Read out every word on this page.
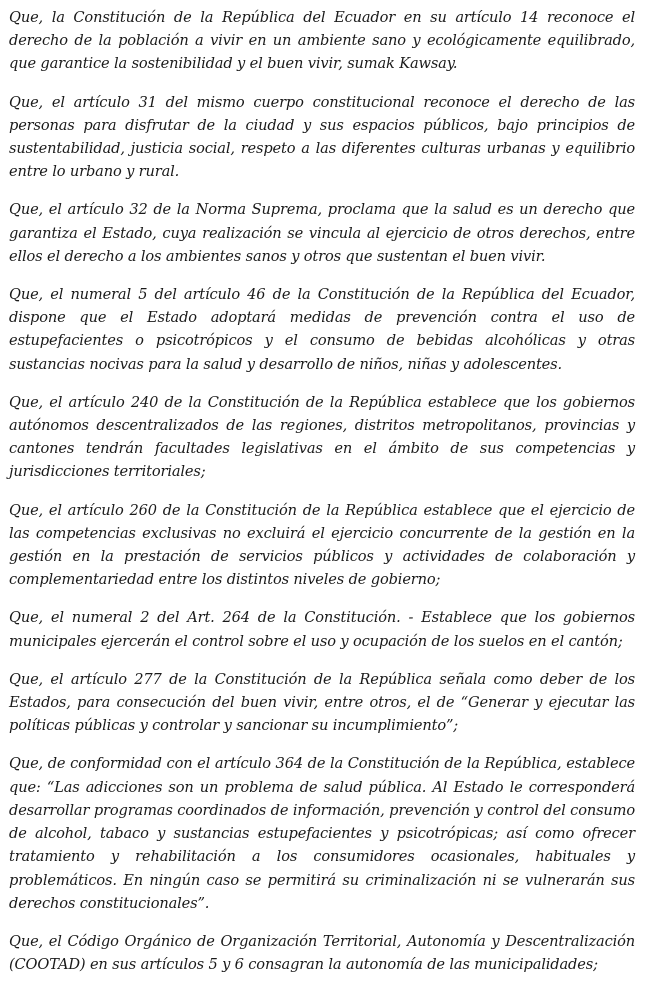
Que, la Constitución de la República del Ecuador en su artículo 14 reconoce el derecho de la población a vivir en un ambiente sano y ecológicamente equilibrado, que garantice la sostenibilidad y el buen vivir, sumak Kawsay.

Que, el artículo 31 del mismo cuerpo constitucional reconoce el derecho de las personas para disfrutar de la ciudad y sus espacios públicos, bajo principios de sustentabilidad, justicia social, respeto a las diferentes culturas urbanas y equilibrio entre lo urbano y rural.

Que, el artículo 32 de la Norma Suprema, proclama que la salud es un derecho que garantiza el Estado, cuya realización se vincula al ejercicio de otros derechos, entre ellos el derecho a los ambientes sanos y otros que sustentan el buen vivir.

Que, el numeral 5 del artículo 46 de la Constitución de la República del Ecuador, dispone que el Estado adoptará medidas de prevención contra el uso de estupefacientes o psicotrópicos y el consumo de bebidas alcohólicas y otras sustancias nocivas para la salud y desarrollo de niños, niñas y adolescentes.

Que, el artículo 240 de la Constitución de la República establece que los gobiernos autónomos descentralizados de las regiones, distritos metropolitanos, provincias y cantones tendrán facultades legislativas en el ámbito de sus competencias y jurisdicciones territoriales;

Que, el artículo 260 de la Constitución de la República establece que el ejercicio de las competencias exclusivas no excluirá el ejercicio concurrente de la gestión en la gestión en la prestación de servicios públicos y actividades de colaboración y complementariedad entre los distintos niveles de gobierno;

Que, el numeral 2 del Art. 264 de la Constitución. - Establece que los gobiernos municipales ejercerán el control sobre el uso y ocupación de los suelos en el cantón;

Que, el artículo 277 de la Constitución de la República señala como deber de los Estados, para consecución del buen vivir, entre otros, el de “Generar y ejecutar las políticas públicas y controlar y sancionar su incumplimiento”;

Que, de conformidad con el artículo 364 de la Constitución de la República, establece que: “Las adicciones son un problema de salud pública. Al Estado le corresponderá desarrollar programas coordinados de información, prevención y control del consumo de alcohol, tabaco y sustancias estupefacientes y psicotrópicas; así como ofrecer tratamiento y rehabilitación a los consumidores ocasionales, habituales y problemáticos. En ningún caso se permitirá su criminalización ni se vulnerarán sus derechos constitucionales”.

Que, el Código Orgánico de Organización Territorial, Autonomía y Descentralización (COOTAD) en sus artículos 5 y 6 consagran la autonomía de las municipalidades;
